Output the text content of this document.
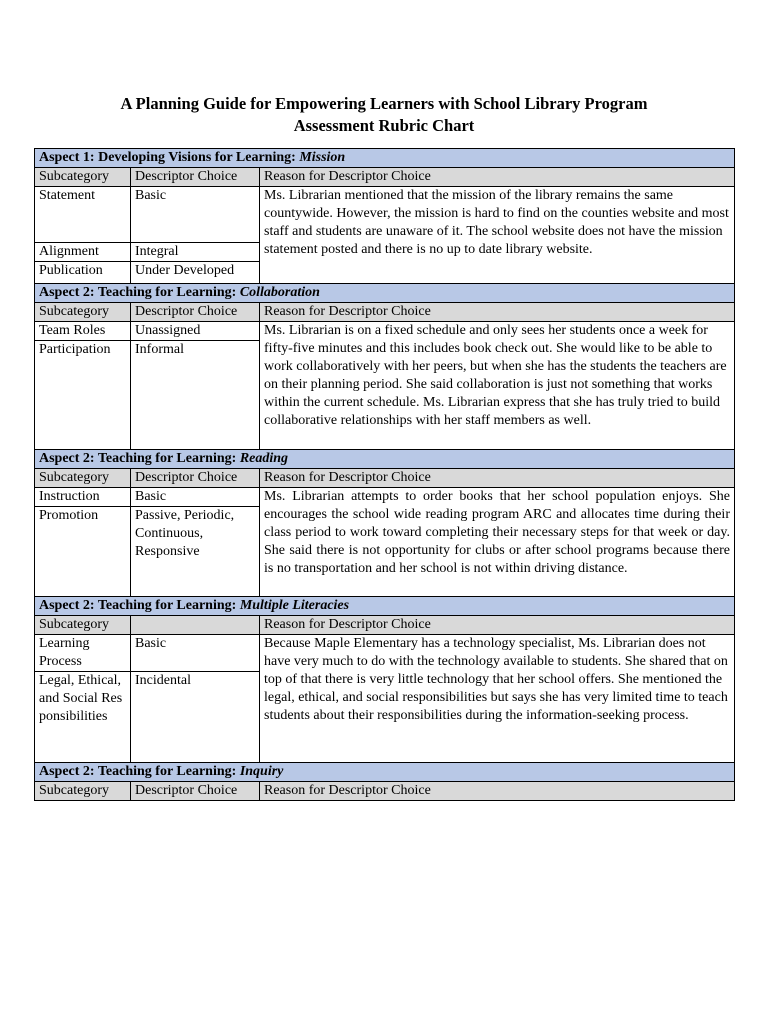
A Planning Guide for Empowering Learners with School Library Program
Assessment Rubric Chart
Aspect 1: Developing Visions for Learning: Mission		
Subcategory	Descriptor Choice	Reason for Descriptor Choice
Statement	Basic	Ms. Librarian mentioned that the mission of the library remains the same countywide. However, the mission is hard to find on the counties website and most staff and students are unaware of it. The school website does not have the mission statement posted and there is no up to date library website.
Alignment	Integral	
Publication	Under Developed	
Aspect 2: Teaching for Learning: Collaboration		
Subcategory	Descriptor Choice	Reason for Descriptor Choice
Team Roles	Unassigned	Ms. Librarian is on a fixed schedule and only sees her students once a week for fifty-five minutes and this includes book check out. She would like to be able to work collaboratively with her peers, but when she has the students the teachers are on their planning period. She said collaboration is just not something that works within the current schedule. Ms. Librarian express that she has truly tried to build collaborative relationships with her staff members as well.
Participation	Informal	
Aspect 2: Teaching for Learning: Reading		
Subcategory	Descriptor Choice	Reason for Descriptor Choice
Instruction	Basic	Ms. Librarian attempts to order books that her school population enjoys. She encourages the school wide reading program ARC and allocates time during their class period to work toward completing their necessary steps for that week or day. She said there is not opportunity for clubs or after school programs because there is no transportation and her school is not within driving distance.
Promotion	Passive, Periodic, Continuous, Responsive	
Aspect 2: Teaching for Learning: Multiple Literacies		
Subcategory		Reason for Descriptor Choice
Learning Process	Basic	Because Maple Elementary has a technology specialist, Ms. Librarian does not have very much to do with the technology available to students. She shared that on top of that there is very little technology that her school offers. She mentioned the legal, ethical, and social responsibilities but says she has very limited time to teach students about their responsibilities during the information-seeking process.
Legal, Ethical, and Social Responsibilities	Incidental	
Aspect 2: Teaching for Learning: Inquiry		
Subcategory	Descriptor Choice	Reason for Descriptor Choice
